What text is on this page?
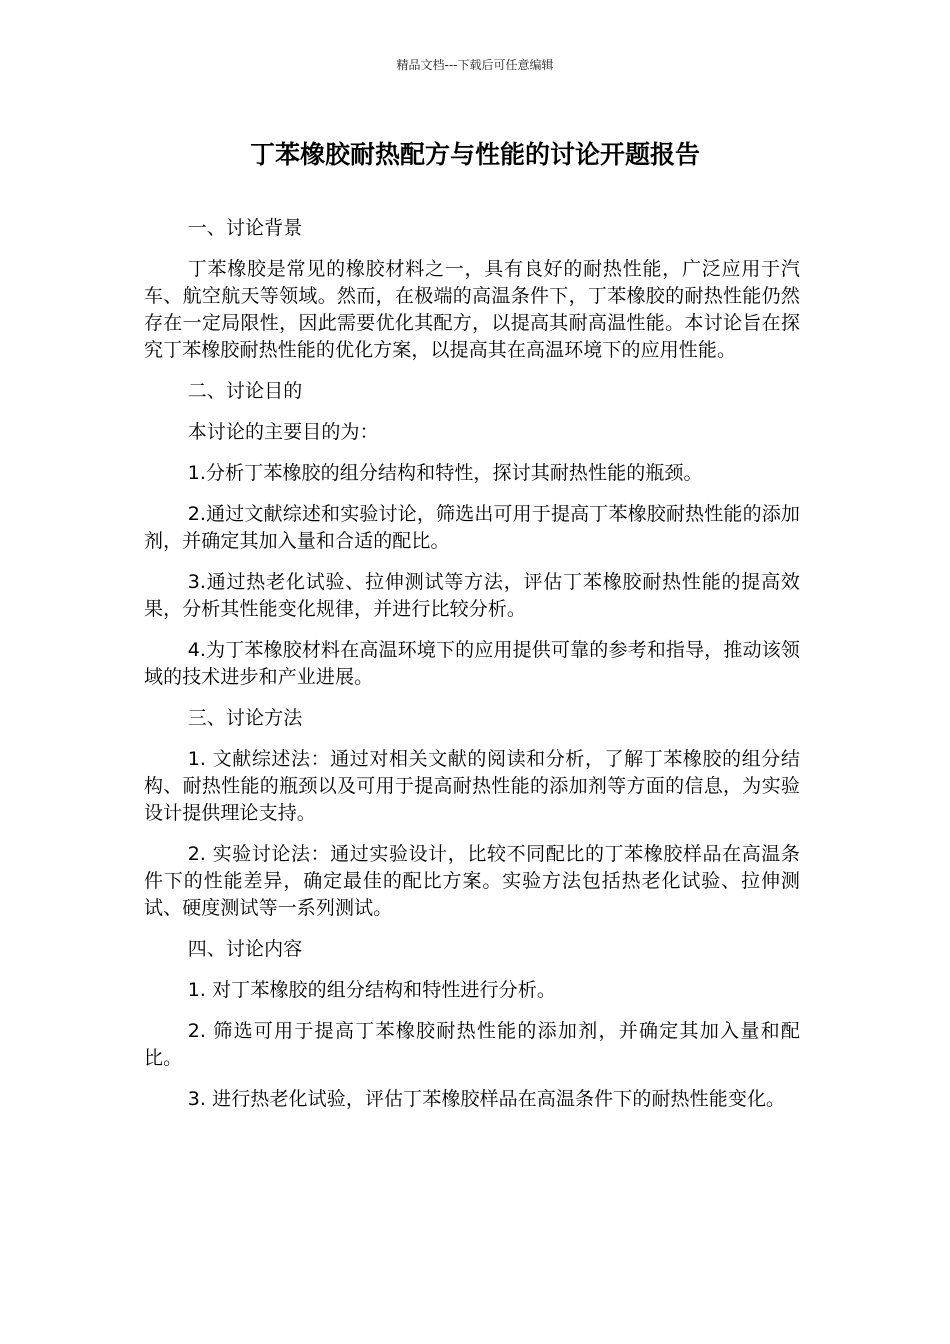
精品文档---下载后可任意编辑
丁苯橡胶耐热配方与性能的讨论开题报告

一、讨论背景

丁苯橡胶是常见的橡胶材料之一，具有良好的耐热性能，广泛应用于汽车、航空航天等领域。然而，在极端的高温条件下，丁苯橡胶的耐热性能仍然存在一定局限性，因此需要优化其配方，以提高其耐高温性能。本讨论旨在探究丁苯橡胶耐热性能的优化方案，以提高其在高温环境下的应用性能。

二、讨论目的

本讨论的主要目的为：

1.分析丁苯橡胶的组分结构和特性，探讨其耐热性能的瓶颈。

2.通过文献综述和实验讨论，筛选出可用于提高丁苯橡胶耐热性能的添加剂，并确定其加入量和合适的配比。

3.通过热老化试验、拉伸测试等方法，评估丁苯橡胶耐热性能的提高效果，分析其性能变化规律，并进行比较分析。

4.为丁苯橡胶材料在高温环境下的应用提供可靠的参考和指导，推动该领域的技术进步和产业进展。

三、讨论方法

1. 文献综述法：通过对相关文献的阅读和分析，了解丁苯橡胶的组分结构、耐热性能的瓶颈以及可用于提高耐热性能的添加剂等方面的信息，为实验设计提供理论支持。

2. 实验讨论法：通过实验设计，比较不同配比的丁苯橡胶样品在高温条件下的性能差异，确定最佳的配比方案。实验方法包括热老化试验、拉伸测试、硬度测试等一系列测试。

四、讨论内容

1. 对丁苯橡胶的组分结构和特性进行分析。

2. 筛选可用于提高丁苯橡胶耐热性能的添加剂，并确定其加入量和配比。

3. 进行热老化试验，评估丁苯橡胶样品在高温条件下的耐热性能变化。
